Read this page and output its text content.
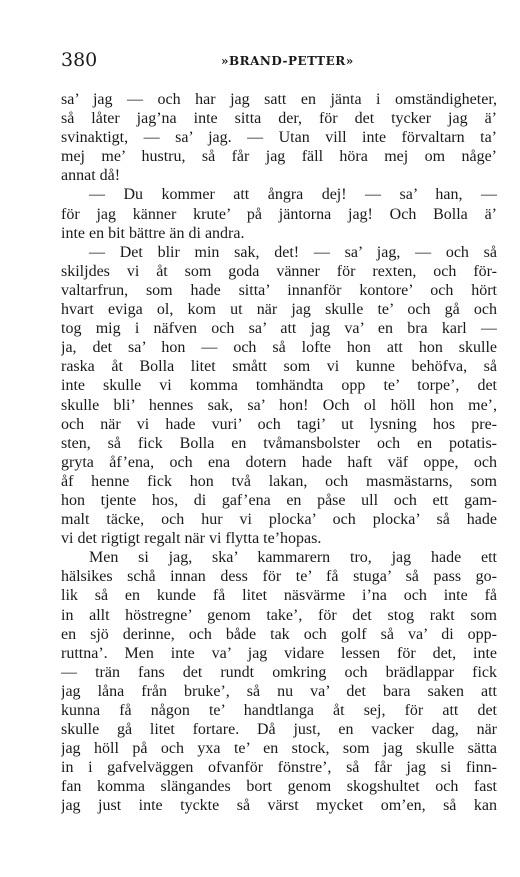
380	»BRAND-PETTER»
sa’ jag — och har jag satt en jänta i omständigheter,
så låter jag’na inte sitta der, för det tycker jag ä’
svinaktigt, — sa’ jag. — Utan vill inte förvaltarn ta’
mej me’ hustru, så får jag fäll höra mej om någe’
annat då!
— Du kommer att ångra dej! — sa’ han, —
för jag känner krute’ på jäntorna jag! Och Bolla ä’
inte en bit bättre än di andra.
— Det blir min sak, det! — sa’ jag, — och så
skiljdes vi åt som goda vänner för rexten, och för-
valtarfrun, som hade sitta’ innanför kontore’ och hört
hvart eviga ol, kom ut när jag skulle te’ och gå och
tog mig i näfven och sa’ att jag va’ en bra karl —
ja, det sa’ hon — och så lofte hon att hon skulle
raska åt Bolla litet smått som vi kunne behöfva, så
inte skulle vi komma tomhändta opp te’ torpe’, det
skulle bli’ hennes sak, sa’ hon! Och ol höll hon me’,
och när vi hade vuri’ och tagi’ ut lysning hos pre-
sten, så fick Bolla en tvåmansbolster och en potatis-
gryta åf’ena, och ena dotern hade haft väf oppe, och
åf henne fick hon två lakan, och masmästarns, som
hon tjente hos, di gaf’ena en påse ull och ett gam-
malt täcke, och hur vi plocka’ och plocka’ så hade
vi det rigtigt regalt när vi flytta te’hopas.
Men si jag, ska’ kammarern tro, jag hade ett
hälsikes schå innan dess för te’ få stuga’ så pass go-
lik så en kunde få litet näsvärme i’na och inte få
in allt höstregne’ genom take’, för det stog rakt som
en sjö derinne, och både tak och golf så va’ di opp-
ruttna’. Men inte va’ jag vidare lessen för det, inte
— trän fans det rundt omkring och brädlappar fick
jag låna från bruke’, så nu va’ det bara saken att
kunna få någon te’ handtlanga åt sej, för att det
skulle gå litet fortare. Då just, en vacker dag, när
jag höll på och yxa te’ en stock, som jag skulle sätta
in i gafvelväggen ofvanför fönstre’, så får jag si finn-
fan komma slängandes bort genom skogshultet och fast
jag just inte tyckte så värst mycket om’en, så kan
